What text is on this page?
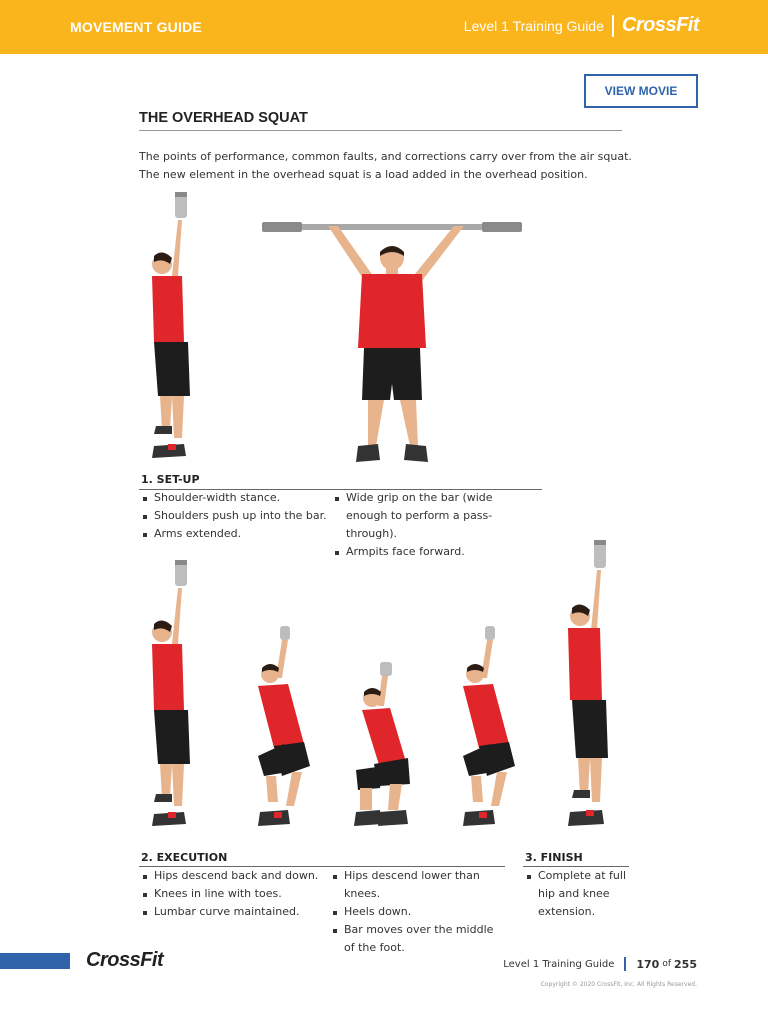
MOVEMENT GUIDE	Level 1 Training Guide CrossFit
VIEW MOVIE
THE OVERHEAD SQUAT
The points of performance, common faults, and corrections carry over from the air squat. The new element in the overhead squat is a load added in the overhead position.
1. SET-UP
Shoulder-width stance.
Shoulders push up into the bar.
Arms extended.
Wide grip on the bar (wide enough to perform a pass-through).
Armpits face forward.
2. EXECUTION
Hips descend back and down.
Knees in line with toes.
Lumbar curve maintained.
Hips descend lower than knees.
Heels down.
Bar moves over the middle of the foot.
3. FINISH
Complete at full hip and knee extension.
CrossFit	Level 1 Training Guide 170 of 255
Copyright © 2020 CrossFit, Inc. All Rights Reserved.
